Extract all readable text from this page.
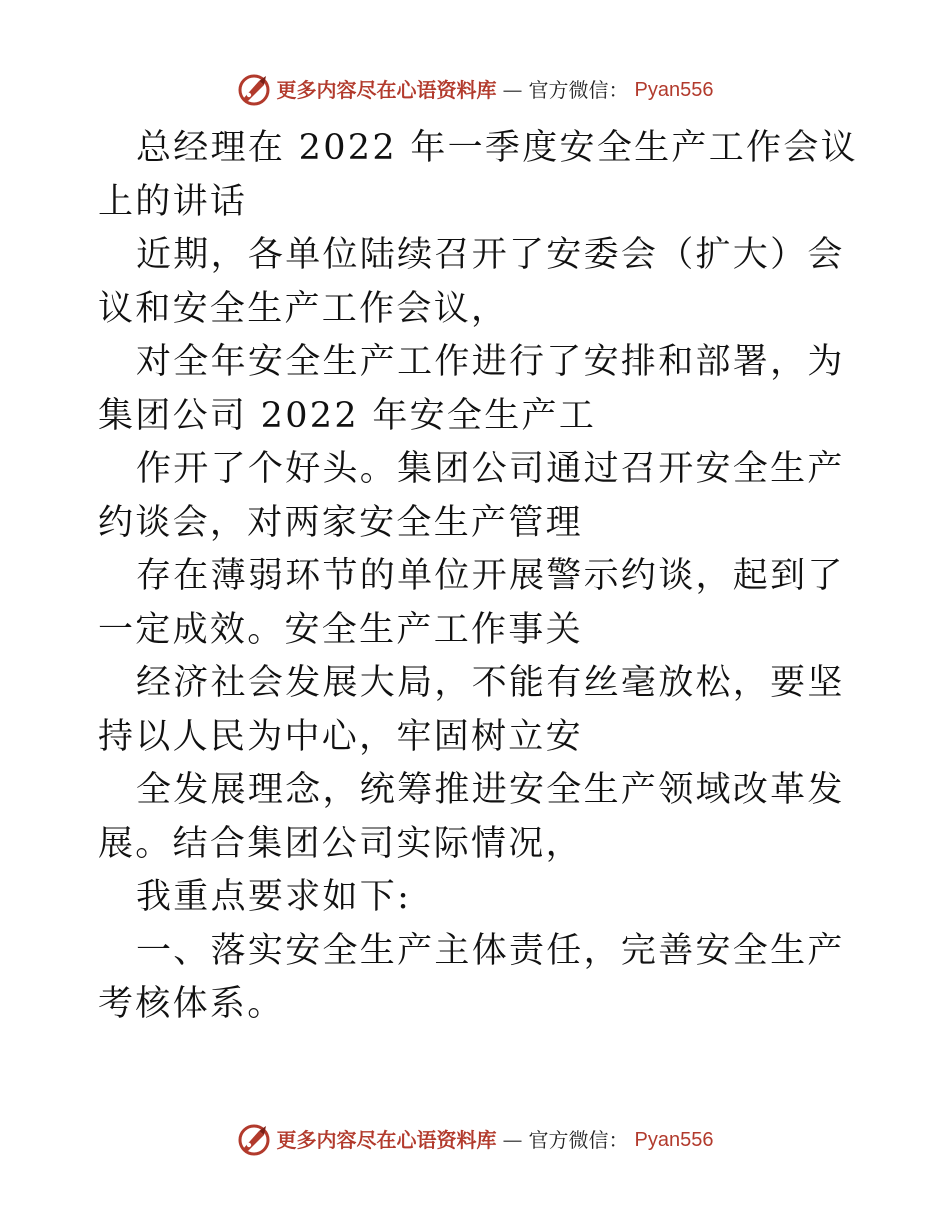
更多内容尽在心语资料库 — 官方微信： Pyan556

总经理在 2022 年一季度安全生产工作会议上的讲话

近期，各单位陆续召开了安委会（扩大）会议和安全生产工作会议，

对全年安全生产工作进行了安排和部署，为集团公司 2022 年安全生产工

作开了个好头。集团公司通过召开安全生产约谈会，对两家安全生产管理

存在薄弱环节的单位开展警示约谈，起到了一定成效。安全生产工作事关

经济社会发展大局，不能有丝毫放松，要坚持以人民为中心，牢固树立安

全发展理念，统筹推进安全生产领域改革发展。结合集团公司实际情况，

我重点要求如下:

一、落实安全生产主体责任，完善安全生产考核体系。

更多内容尽在心语资料库 — 官方微信： Pyan556
